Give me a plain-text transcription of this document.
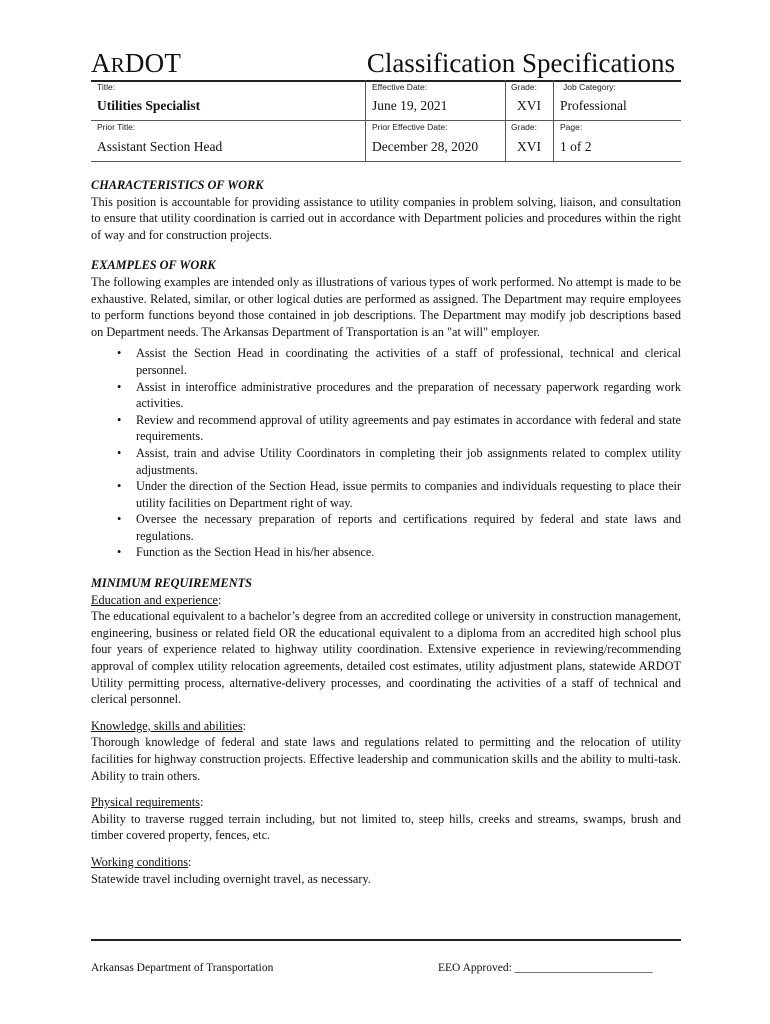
ARDOT	Classification Specifications
Title:
Utilities Specialist
Effective Date:
June 19, 2021
Grade:
XVI
Job Category:
Professional
Prior Title:
Assistant Section Head
Prior Effective Date:
December 28, 2020
Grade:
XVI
Page:
1 of 2

CHARACTERISTICS OF WORK

This position is accountable for providing assistance to utility companies in problem solving, liaison, and consultation to ensure that utility coordination is carried out in accordance with Department policies and procedures within the right of way and for construction projects.

EXAMPLES OF WORK

The following examples are intended only as illustrations of various types of work performed. No attempt is made to be exhaustive. Related, similar, or other logical duties are performed as assigned. The Department may require employees to perform functions beyond those contained in job descriptions. The Department may modify job descriptions based on Department needs. The Arkansas Department of Transportation is an "at will" employer.

• Assist the Section Head in coordinating the activities of a staff of professional, technical and clerical personnel.
• Assist in interoffice administrative procedures and the preparation of necessary paperwork regarding work activities.
• Review and recommend approval of utility agreements and pay estimates in accordance with federal and state requirements.
• Assist, train and advise Utility Coordinators in completing their job assignments related to complex utility adjustments.
• Under the direction of the Section Head, issue permits to companies and individuals requesting to place their utility facilities on Department right of way.
• Oversee the necessary preparation of reports and certifications required by federal and state laws and regulations.
• Function as the Section Head in his/her absence.

MINIMUM REQUIREMENTS

Education and experience:

The educational equivalent to a bachelor’s degree from an accredited college or university in construction management, engineering, business or related field OR the educational equivalent to a diploma from an accredited high school plus four years of experience related to highway utility coordination. Extensive experience in reviewing/recommending approval of complex utility relocation agreements, detailed cost estimates, utility adjustment plans, statewide ARDOT Utility permitting process, alternative-delivery processes, and coordinating the activities of a staff of technical and clerical personnel.

Knowledge, skills and abilities:

Thorough knowledge of federal and state laws and regulations related to permitting and the relocation of utility facilities for highway construction projects. Effective leadership and communication skills and the ability to multi-task. Ability to train others.

Physical requirements:

Ability to traverse rugged terrain including, but not limited to, steep hills, creeks and streams, swamps, brush and timber covered property, fences, etc.

Working conditions:

Statewide travel including overnight travel, as necessary.

Arkansas Department of Transportation	EEO Approved: ________________________
